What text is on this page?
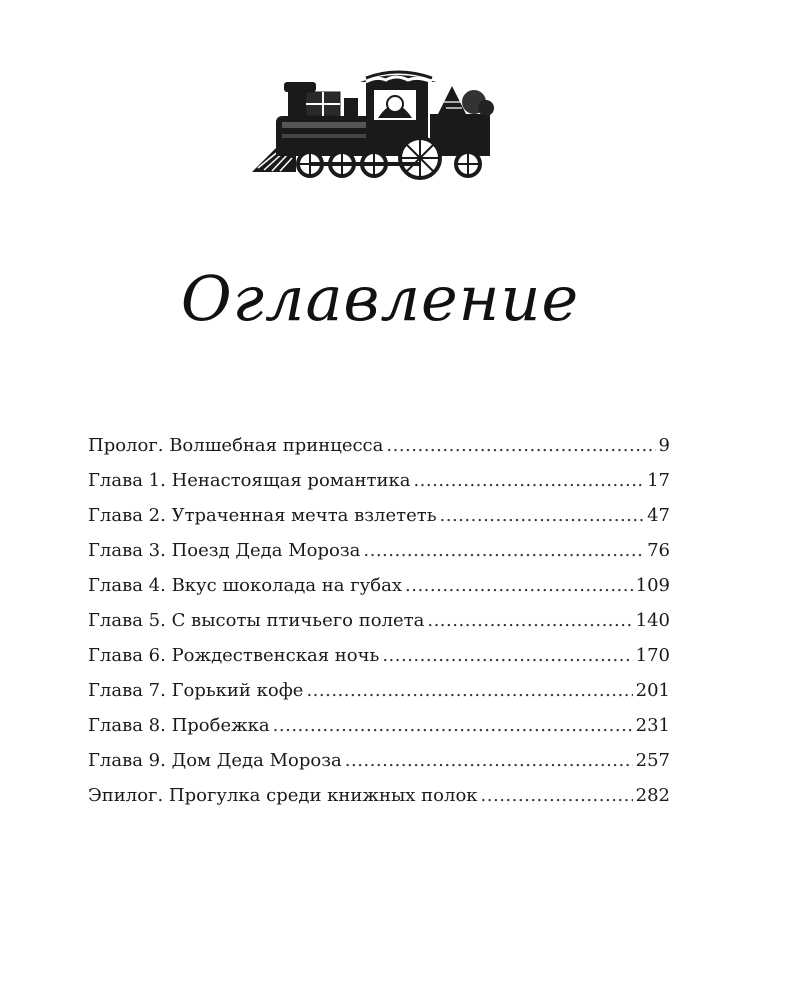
Оглавление
Пролог. Волшебная принцесса .....	9
Глава 1. Ненастоящая романтика .....	17
Глава 2. Утраченная мечта взлететь .....	47
Глава 3. Поезд Деда Мороза .....	76
Глава 4. Вкус шоколада на губах .....	109
Глава 5. С высоты птичьего полета .....	140
Глава 6. Рождественская ночь .....	170
Глава 7. Горький кофе .....	201
Глава 8. Пробежка .....	231
Глава 9. Дом Деда Мороза .....	257
Эпилог. Прогулка среди книжных полок .....	282
